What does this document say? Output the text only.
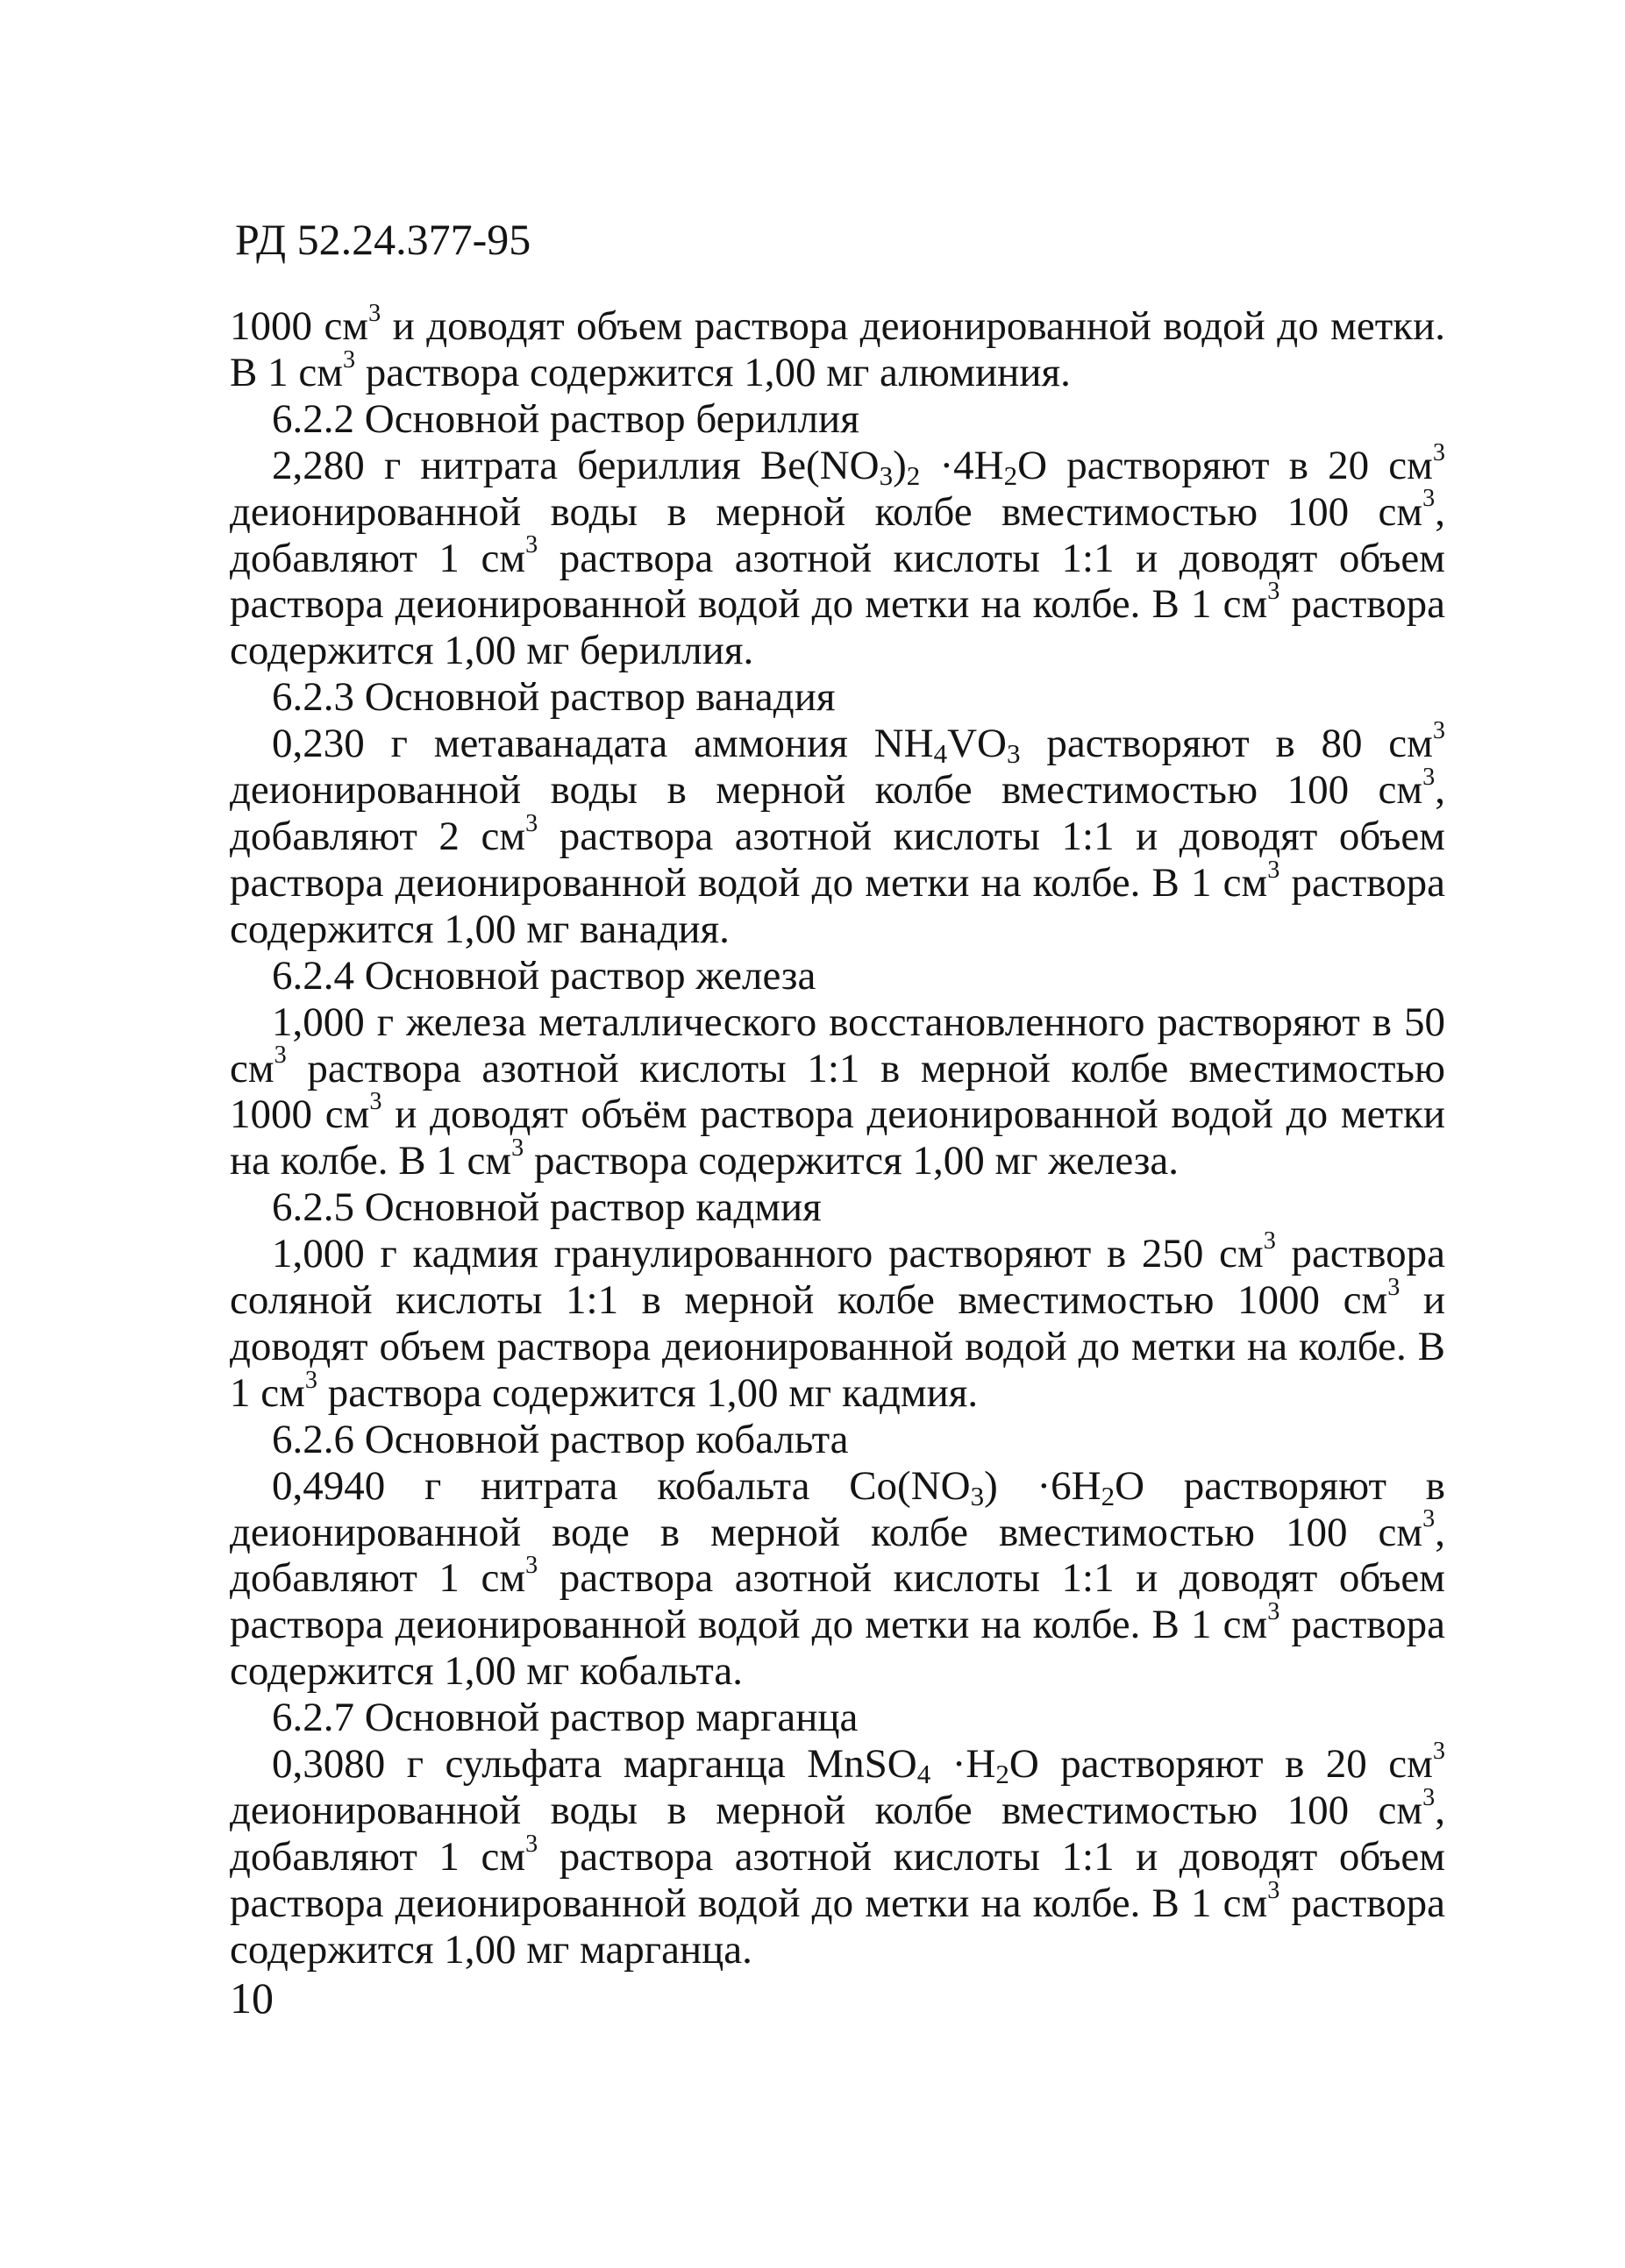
РД 52.24.377-95

1000 $см^3$ и доводят объем раствора деионированной водой до метки. В 1 $см^3$ раствора содержится 1,00 мг алюминия.

6.2.2 Основной раствор бериллия

2,280 г нитрата бериллия $Be(NO_3)_2 \cdot 4H_2O$ растворяют в 20 $см^3$ деионированной воды в мерной колбе вместимостью 100 $см^3$, добавляют 1 $см^3$ раствора азотной кислоты 1:1 и доводят объем раствора деионированной водой до метки на колбе. В 1 $см^3$ раствора содержится 1,00 мг бериллия.

6.2.3 Основной раствор ванадия

0,230 г метаванадата аммония $NH_4VO_3$ растворяют в 80 $см^3$ деионированной воды в мерной колбе вместимостью 100 $см^3$, добавляют 2 $см^3$ раствора азотной кислоты 1:1 и доводят объем раствора деионированной водой до метки на колбе. В 1 $см^3$ раствора содержится 1,00 мг ванадия.

6.2.4 Основной раствор железа

1,000 г железа металлического восстановленного растворяют в 50 $см^3$ раствора азотной кислоты 1:1 в мерной колбе вместимостью 1000 $см^3$ и доводят объём раствора деионированной водой до метки на колбе. В 1 $см^3$ раствора содержится 1,00 мг железа.

6.2.5 Основной раствор кадмия

1,000 г кадмия гранулированного растворяют в 250 $см^3$ раствора соляной кислоты 1:1 в мерной колбе вместимостью 1000 $см^3$ и доводят объем раствора деионированной водой до метки на колбе. В 1 $см^3$ раствора содержится 1,00 мг кадмия.

6.2.6 Основной раствор кобальта

0,4940 г нитрата кобальта $Co(NO_3) \cdot 6H_2O$ растворяют в деионированной воде в мерной колбе вместимостью 100 $см^3$, добавляют 1 $см^3$ раствора азотной кислоты 1:1 и доводят объем раствора деионированной водой до метки на колбе. В 1 $см^3$ раствора содержится 1,00 мг кобальта.

6.2.7 Основной раствор марганца

0,3080 г сульфата марганца MnSO$_4$ $\cdot H_2O$ растворяют в 20 $см^3$ деионированной воды в мерной колбе вместимостью 100 $см^3$, добавляют 1 $см^3$ раствора азотной кислоты 1:1 и доводят объем раствора деионированной водой до метки на колбе. В 1 $см^3$ раствора содержится 1,00 мг марганца.

10
